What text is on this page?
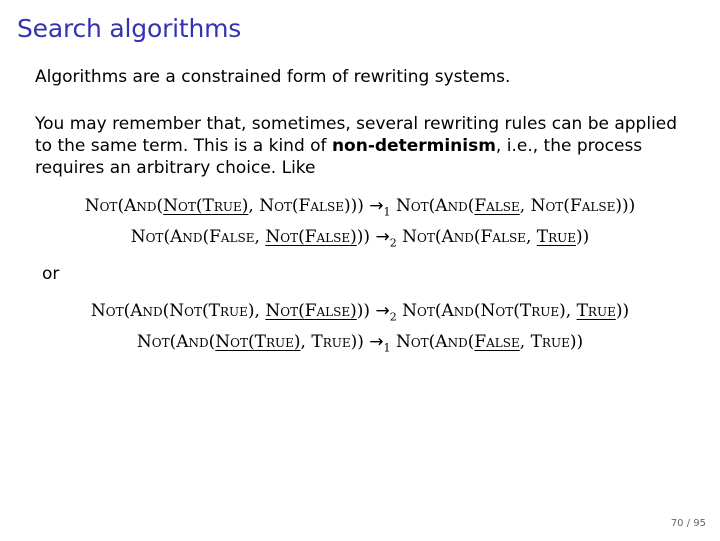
Search algorithms
Algorithms are a constrained form of rewriting systems.
You may remember that, sometimes, several rewriting rules can be applied to the same term. This is a kind of non-determinism, i.e., the process requires an arbitrary choice. Like
Not(And(Not(True), Not(False))) $\to_1$ Not(And(False, Not(False)))
Not(And(False, Not(False))) $\to_2$ Not(And(False, True))
or
Not(And(Not(True), Not(False))) $\to_2$ Not(And(Not(True), True))
Not(And(Not(True), True)) $\to_1$ Not(And(False, True))
70 / 95
